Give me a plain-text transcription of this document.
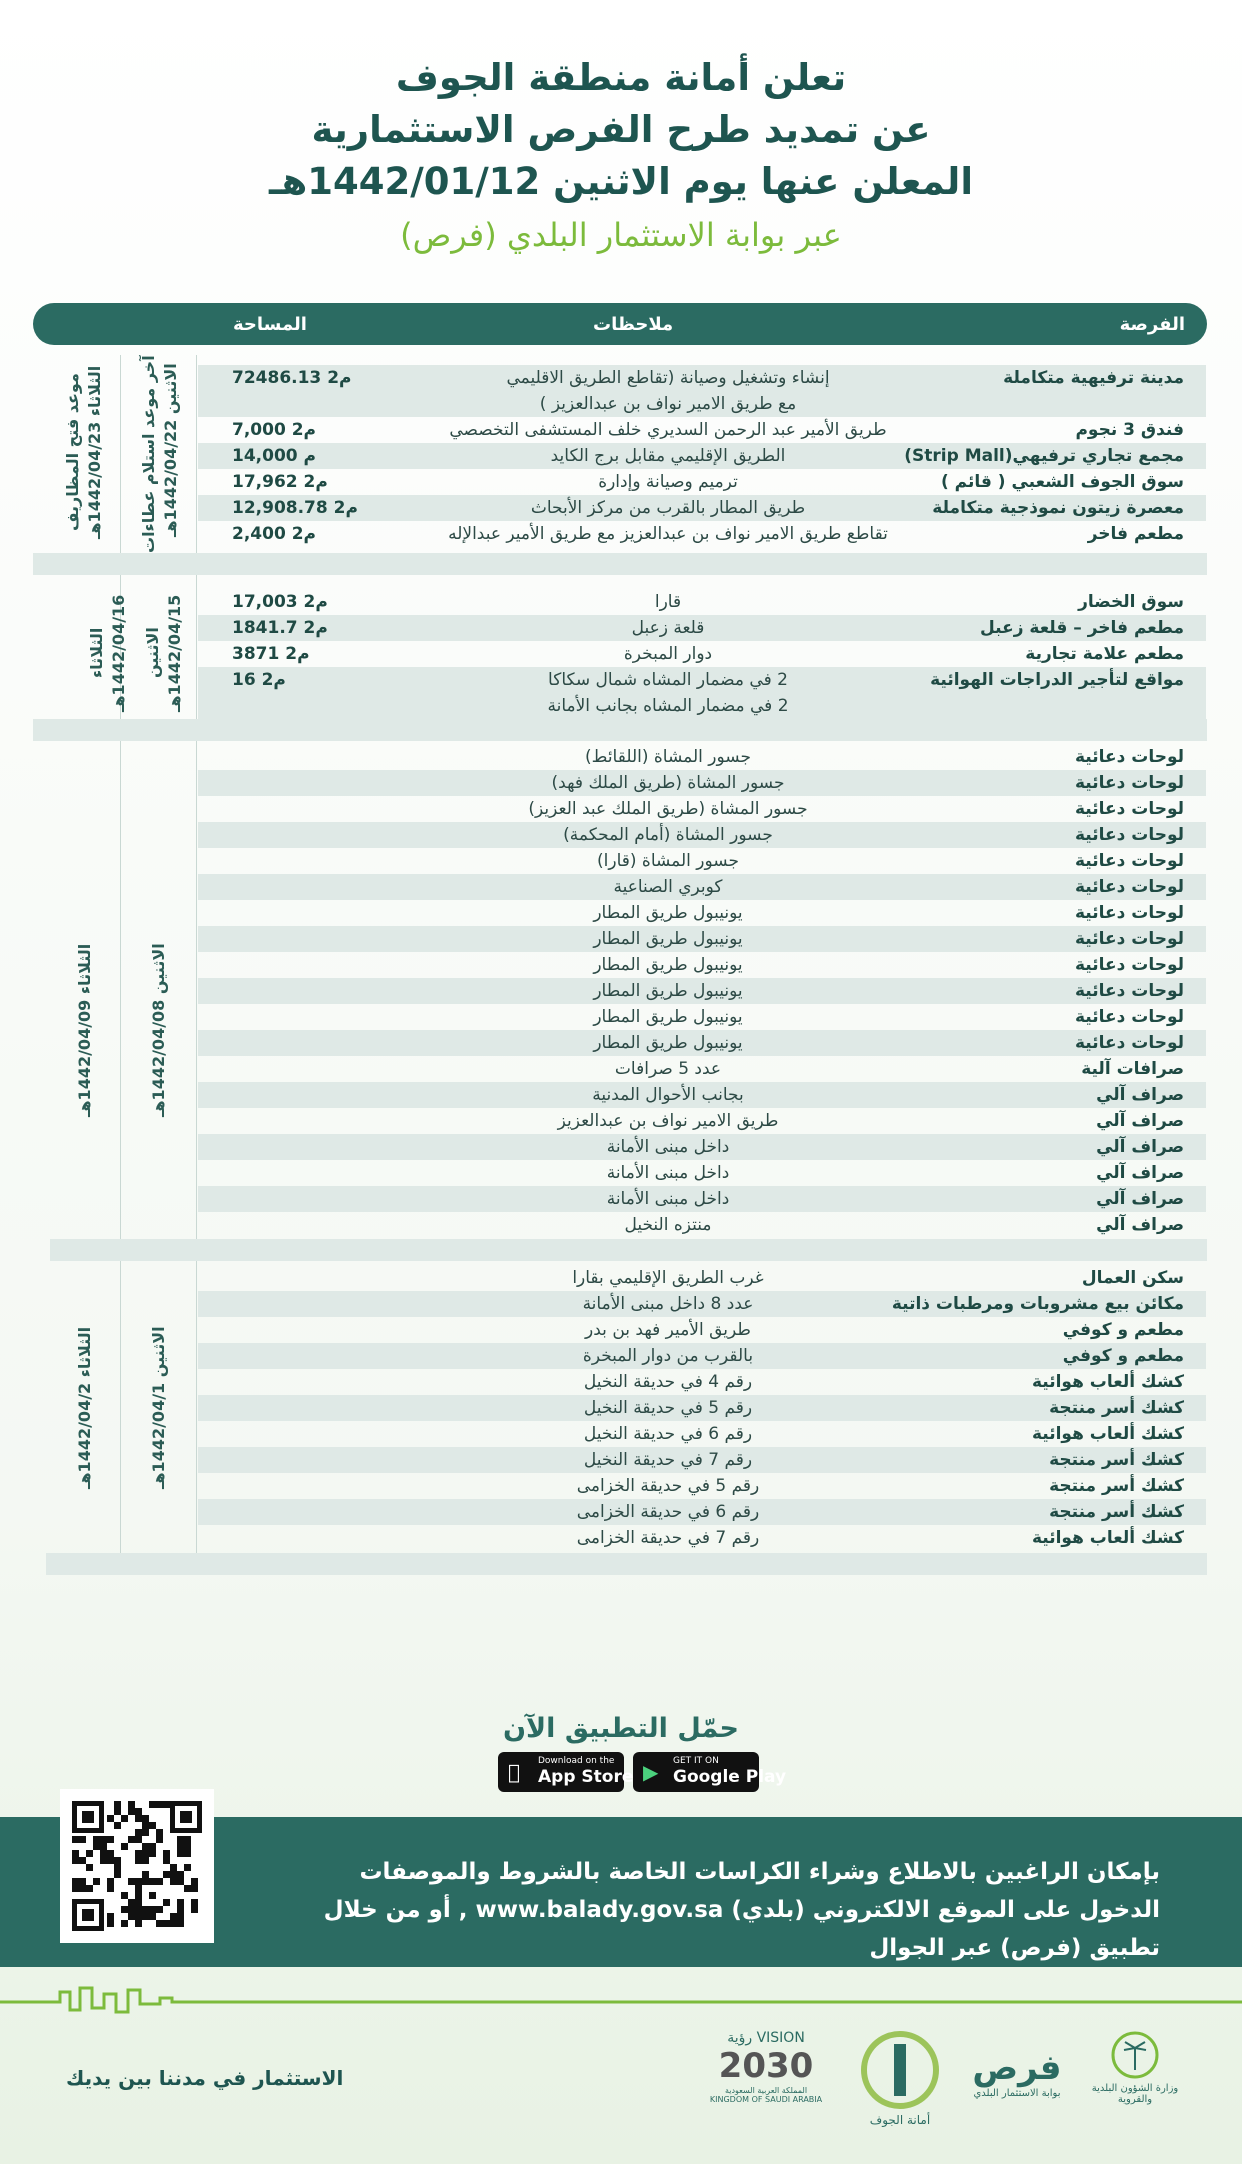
تعلن أمانة منطقة الجوف
عن تمديد طرح الفرص الاستثمارية
المعلن عنها يوم الاثنين 1442/01/12هـ
عبر بوابة الاستثمار البلدي (فرص)
الفرصة
ملاحظات
المساحة
موعد فتح المظاريف
الثلاثاء 1442/04/23هـ
آخر موعد استلام عطاءات
الاثنين 1442/04/22هـ
الثلاثاء
1442/04/16هـ الاثنين
1442/04/15هـ
الثلاثاء 1442/04/09هـ
الاثنين 1442/04/08هـ
الثلاثاء 1442/04/2هـ
الاثنين 1442/04/1هـ
مدينة ترفيهية متكاملة
إنشاء وتشغيل وصيانة (تقاطع الطريق الاقليمي
مع طريق الامير نواف بن عبدالعزيز )
72486.13 م2
فندق 3 نجوم
طريق الأمير عبد الرحمن السديري خلف المستشفى التخصصي
7,000 م2
مجمع تجاري ترفيهي(Strip Mall)
الطريق الإقليمي مقابل برج الكايد
14,000 م
سوق الجوف الشعبي ( قائم )
ترميم وصيانة وإدارة
17,962 م2
معصرة زيتون نموذجية متكاملة
طريق المطار بالقرب من مركز الأبحاث
12,908.78 م2
مطعم فاخر
تقاطع طريق الامير نواف بن عبدالعزيز مع طريق الأمير عبدالإله
2,400 م2
سوق الخضار
قارا
17,003 م2
مطعم فاخر – قلعة زعبل
قلعة زعبل
1841.7 م2
مطعم علامة تجارية
دوار المبخرة
3871 م2
مواقع لتأجير الدراجات الهوائية
2 في مضمار المشاه شمال سكاكا
2 في مضمار المشاه بجانب الأمانة
16 م2
لوحات دعائية
جسور المشاة (اللقائط)
لوحات دعائية
جسور المشاة (طريق الملك فهد)
لوحات دعائية
جسور المشاة (طريق الملك عبد العزيز)
لوحات دعائية
جسور المشاة (أمام المحكمة)
لوحات دعائية
جسور المشاة (قارا)
لوحات دعائية
كوبري الصناعية
لوحات دعائية
يونيبول طريق المطار
لوحات دعائية
يونيبول طريق المطار
لوحات دعائية
يونيبول طريق المطار
لوحات دعائية
يونيبول طريق المطار
لوحات دعائية
يونيبول طريق المطار
لوحات دعائية
يونيبول طريق المطار
صرافات آلية
عدد 5 صرافات
صراف آلي
بجانب الأحوال المدنية
صراف آلي
طريق الامير نواف بن عبدالعزيز
صراف آلي
داخل مبنى الأمانة
صراف آلي
داخل مبنى الأمانة
صراف آلي
داخل مبنى الأمانة
صراف آلي
منتزه النخيل
سكن العمال
غرب الطريق الإقليمي بقارا
مكائن بيع مشروبات ومرطبات ذاتية
عدد 8 داخل مبنى الأمانة
مطعم و كوفي
طريق الأمير فهد بن بدر
مطعم و كوفي
بالقرب من دوار المبخرة
كشك ألعاب هوائية
رقم 4 في حديقة النخيل
كشك أسر منتجة
رقم 5 في حديقة النخيل
كشك ألعاب هوائية
رقم 6 في حديقة النخيل
كشك أسر منتجة
رقم 7 في حديقة النخيل
كشك أسر منتجة
رقم 5 في حديقة الخزامى
كشك أسر منتجة
رقم 6 في حديقة الخزامى
كشك ألعاب هوائية
رقم 7 في حديقة الخزامى
حمّل التطبيق الآن
Download on the
App Store ▶ GET IT ON
Google Play

بإمكان الراغبين بالاطلاع وشراء الكراسات الخاصة بالشروط والموصفات الدخول على الموقع الالكتروني (بلدي) www.balady.gov.sa , أو من خلال تطبيق (فرص) عبر الجوال

الاستثمار في مدننا بين يديك
VISION رؤية
2030
المملكة العربية السعودية KINGDOM OF SAUDI ARABIA
أمانة الجوف
فرص
بوابة الاستثمار البلدي	وزارة الشؤون البلدية والقروية
